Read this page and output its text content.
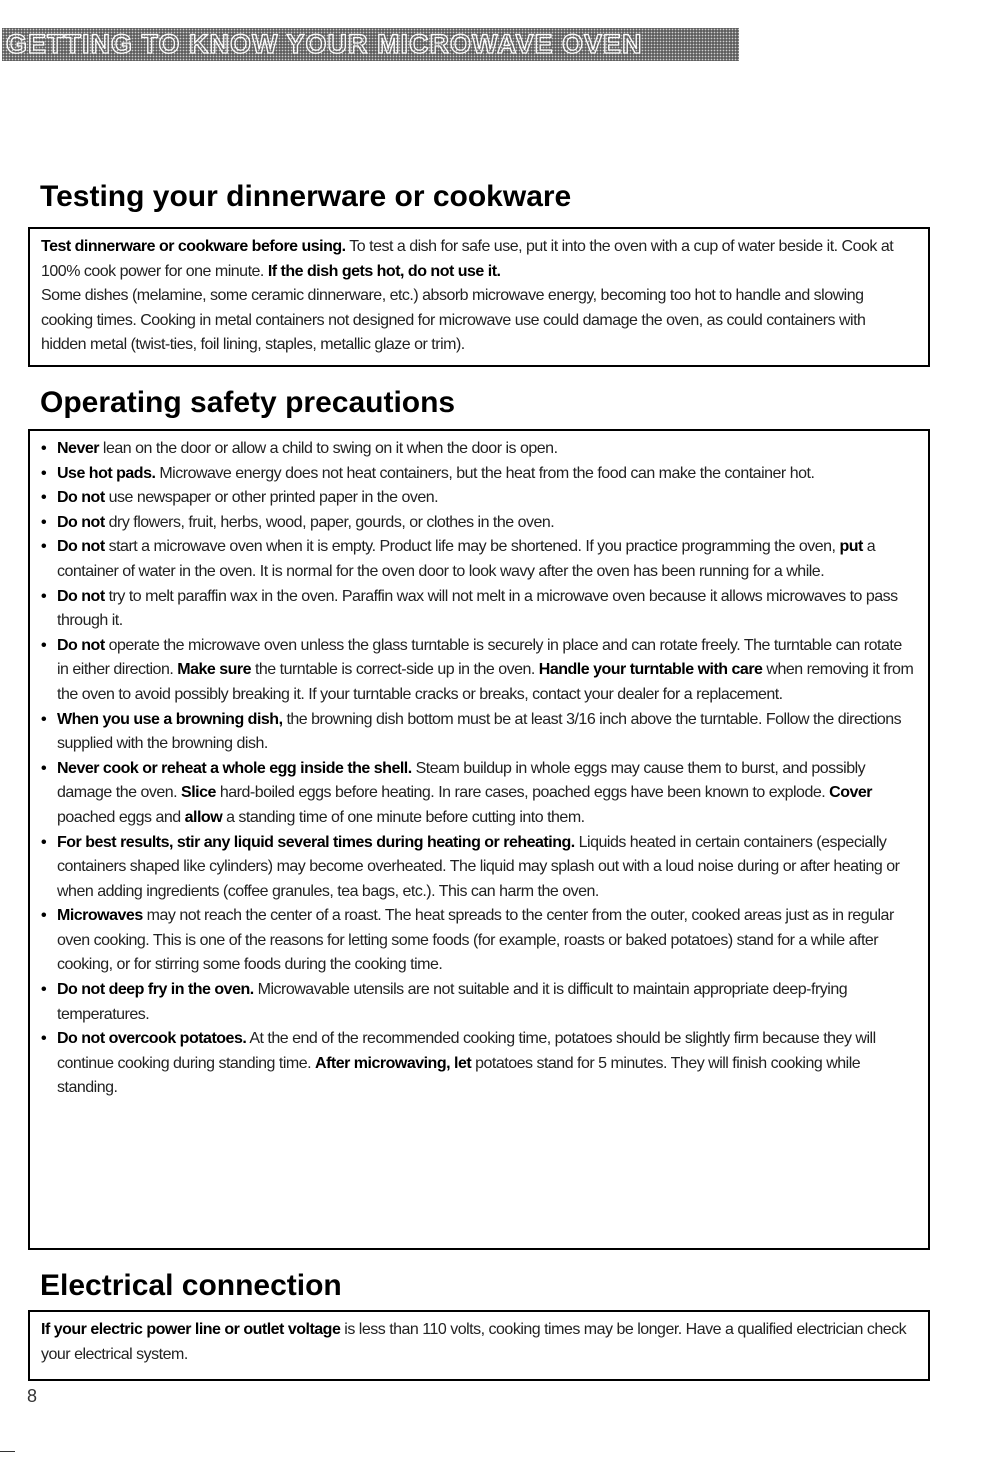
GETTING TO KNOW YOUR MICROWAVE OVEN
Testing your dinnerware or cookware

Test dinnerware or cookware before using. To test a dish for safe use, put it into the oven with a cup of water beside it. Cook at 100% cook power for one minute. If the dish gets hot, do not use it.

Some dishes (melamine, some ceramic dinnerware, etc.) absorb microwave energy, becoming too hot to handle and slowing cooking times. Cooking in metal containers not designed for microwave use could damage the oven, as could containers with hidden metal (twist-ties, foil lining, staples, metallic glaze or trim).

Operating safety precautions
• Never lean on the door or allow a child to swing on it when the door is open.
• Use hot pads. Microwave energy does not heat containers, but the heat from the food can make the container hot.
• Do not use newspaper or other printed paper in the oven.
• Do not dry flowers, fruit, herbs, wood, paper, gourds, or clothes in the oven.
• Do not start a microwave oven when it is empty. Product life may be shortened. If you practice programming the oven, put a container of water in the oven. It is normal for the oven door to look wavy after the oven has been running for a while.
• Do not try to melt paraffin wax in the oven. Paraffin wax will not melt in a microwave oven because it allows microwaves to pass through it.
• Do not operate the microwave oven unless the glass turntable is securely in place and can rotate freely. The turntable can rotate in either direction. Make sure the turntable is correct-side up in the oven. Handle your turntable with care when removing it from the oven to avoid possibly breaking it. If your turntable cracks or breaks, contact your dealer for a replacement.
• When you use a browning dish, the browning dish bottom must be at least 3/16 inch above the turntable. Follow the directions supplied with the browning dish.
• Never cook or reheat a whole egg inside the shell. Steam buildup in whole eggs may cause them to burst, and possibly damage the oven. Slice hard-boiled eggs before heating. In rare cases, poached eggs have been known to explode. Cover poached eggs and allow a standing time of one minute before cutting into them.
• For best results, stir any liquid several times during heating or reheating. Liquids heated in certain containers (especially containers shaped like cylinders) may become overheated. The liquid may splash out with a loud noise during or after heating or when adding ingredients (coffee granules, tea bags, etc.). This can harm the oven.
• Microwaves may not reach the center of a roast. The heat spreads to the center from the outer, cooked areas just as in regular oven cooking. This is one of the reasons for letting some foods (for example, roasts or baked potatoes) stand for a while after cooking, or for stirring some foods during the cooking time.
• Do not deep fry in the oven. Microwavable utensils are not suitable and it is difficult to maintain appropriate deep-frying temperatures.
• Do not overcook potatoes. At the end of the recommended cooking time, potatoes should be slightly firm because they will continue cooking during standing time. After microwaving, let potatoes stand for 5 minutes. They will finish cooking while standing.
Electrical connection

If your electric power line or outlet voltage is less than 110 volts, cooking times may be longer. Have a qualified electrician check your electrical system.

8
